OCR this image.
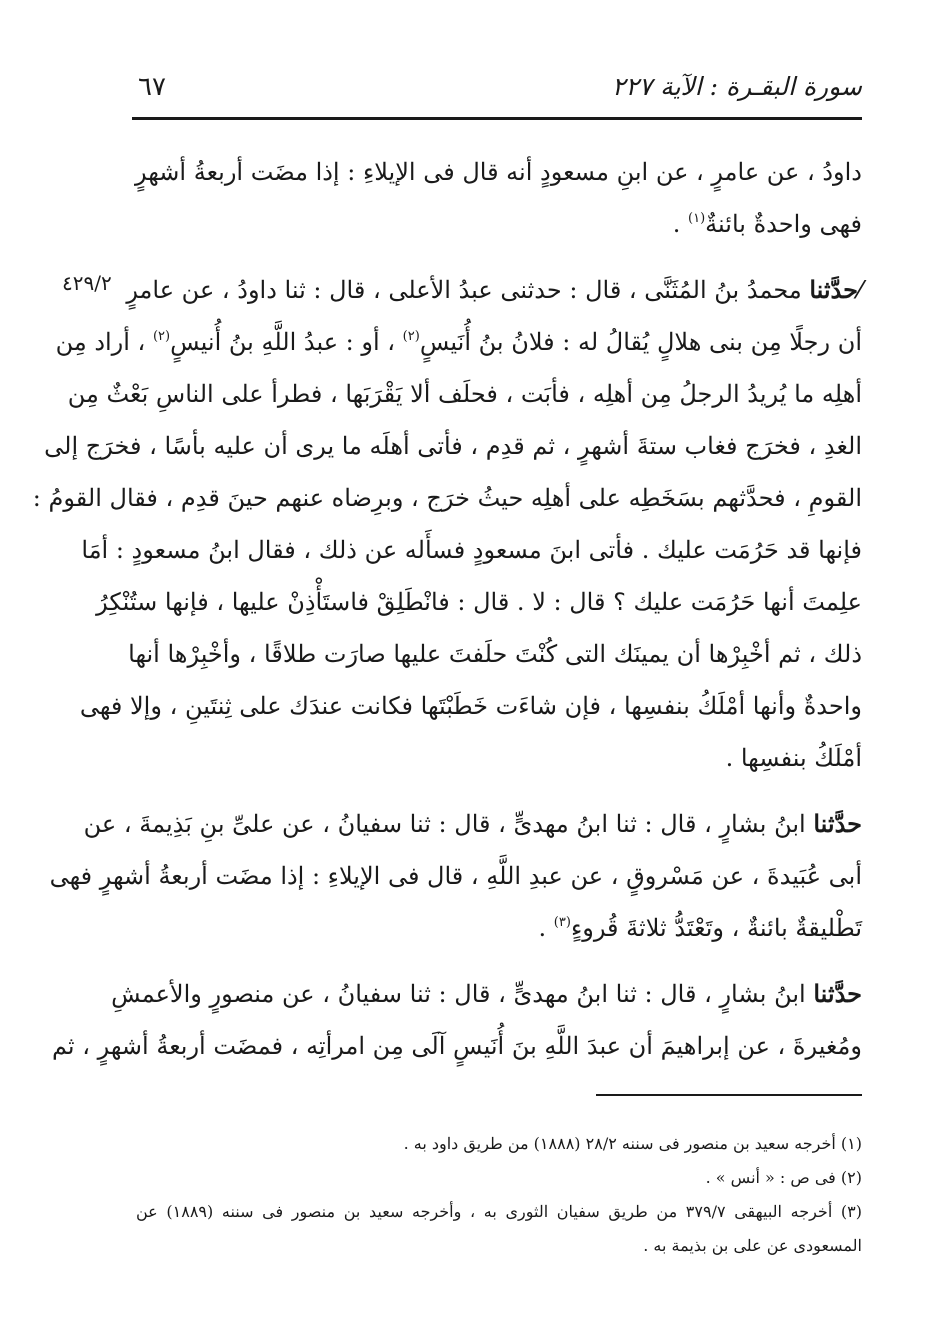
سورة البقـرة : الآية ٢٢٧
٦٧
٤٢٩/٢
داودُ ، عن عامرٍ ، عن ابنِ مسعودٍ أنه قال فى الإيلاءِ : إذا مضَت أربعةُ أشهرٍ
فهى واحدةٌ بائنةٌ$^{(١)}$ .
⁄حدَّثنا محمدُ بنُ المُثَنَّى ، قال : حدثنى عبدُ الأعلى ، قال : ثنا داودُ ، عن عامرٍ
أن رجلًا مِن بنى هلالٍ يُقالُ له : فلانُ بنُ أُنَيسٍ$^{(٢)}$ ، أو : عبدُ اللَّهِ بنُ أُنيسٍ$^{(٢)}$ ، أراد مِن
أهلِه ما يُريدُ الرجلُ مِن أهلِه ، فأبَت ، فحلَف ألا يَقْرَبَها ، فطرأ على الناسِ بَعْثٌ مِن
الغدِ ، فخرَج فغاب ستةَ أشهرٍ ، ثم قدِم ، فأتى أهلَه ما يرى أن عليه بأسًا ، فخرَج إلى
القومِ ، فحدَّثهم بسَخَطِه على أهلِه حيثُ خرَج ، وبرِضاه عنهم حينَ قدِم ، فقال القومُ :
فإنها قد حَرُمَت عليك . فأتى ابنَ مسعودٍ فسأَله عن ذلك ، فقال ابنُ مسعودٍ : أمَا
علِمتَ أنها حَرُمَت عليك ؟ قال : لا . قال : فانْطَلِقْ فاستَأْذِنْ عليها ، فإنها ستُنْكِرُ
ذلك ، ثم أخْبِرْها أن يمينَك التى كُنْتَ حلَفتَ عليها صارَت طلاقًا ، وأخْبِرْها أنها
واحدةٌ وأنها أمْلَكُ بنفسِها ، فإن شاءَت خَطَبْتَها فكانت عندَك على ثِنتَينِ ، وإلا فهى
أمْلَكُ بنفسِها .
حدَّثنا ابنُ بشارٍ ، قال : ثنا ابنُ مهدىٍّ ، قال : ثنا سفيانُ ، عن علىِّ بنِ بَذِيمةَ ، عن
أبى عُبَيدةَ ، عن مَسْروقٍ ، عن عبدِ اللَّهِ ، قال فى الإيلاءِ : إذا مضَت أربعةُ أشهرٍ فهى
تَطْليقةٌ بائنةٌ ، وتَعْتَدُّ ثلاثةَ قُروءٍ$^{(٣)}$ .
حدَّثنا ابنُ بشارٍ ، قال : ثنا ابنُ مهدىٍّ ، قال : ثنا سفيانُ ، عن منصورٍ والأعمشِ
ومُغيرةَ ، عن إبراهيمَ أن عبدَ اللَّهِ بنَ أُنَيسٍ آلَى مِن امرأتِه ، فمضَت أربعةُ أشهرٍ ، ثم
(١) أخرجه سعيد بن منصور فى سننه ٢٨/٢ (١٨٨٨) من طريق داود به .
(٢) فى ص : « أنس » .
(٣) أخرجه البيهقى ٣٧٩/٧ من طريق سفيان الثورى به ، وأخرجه سعيد بن منصور فى سننه (١٨٨٩) عن
المسعودى عن على بن بذيمة به .
